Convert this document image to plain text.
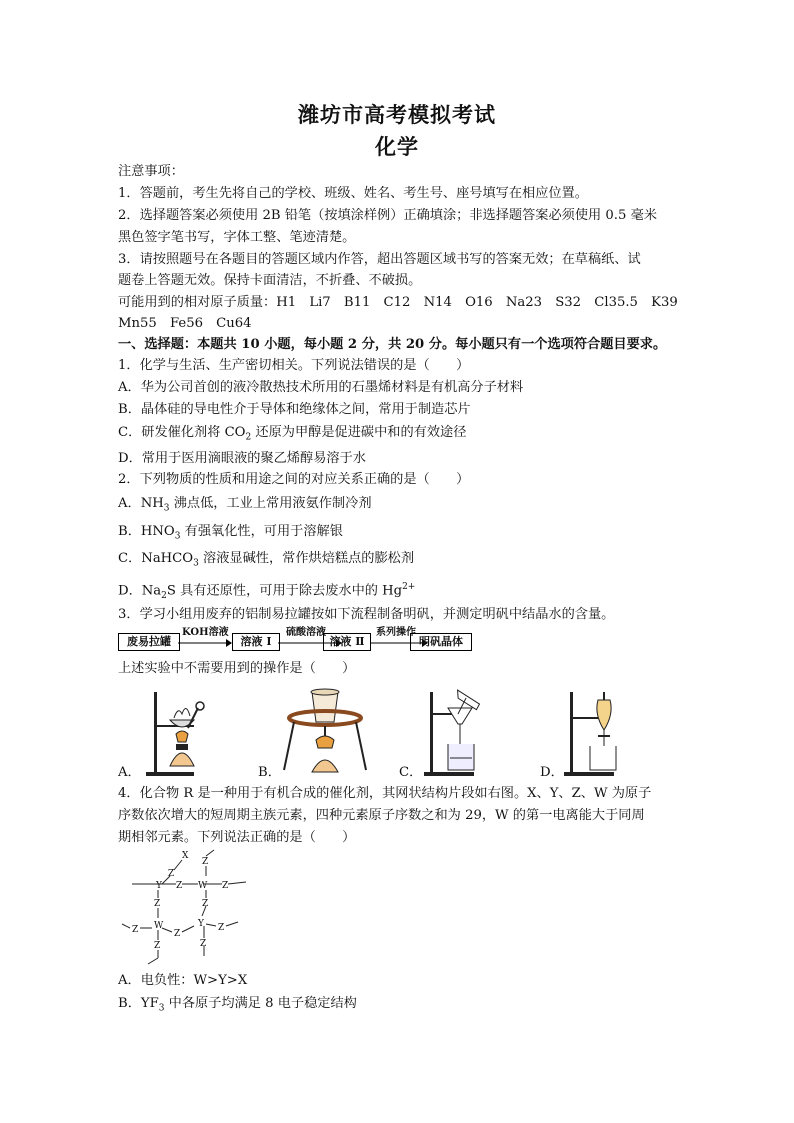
潍坊市高考模拟考试
化学
注意事项：
1．答题前，考生先将自己的学校、班级、姓名、考生号、座号填写在相应位置。
2．选择题答案必须使用 2B 铅笔（按填涂样例）正确填涂；非选择题答案必须使用 0.5 毫米
黑色签字笔书写，字体工整、笔迹清楚。
3．请按照题号在各题目的答题区域内作答，超出答题区域书写的答案无效；在草稿纸、试
题卷上答题无效。保持卡面清洁，不折叠、不破损。
可能用到的相对原子质量：H1　Li7　B11　C12　N14　O16　Na23　S32　Cl35.5　K39
Mn55　Fe56　Cu64
一、选择题：本题共 10 小题，每小题 2 分，共 20 分。每小题只有一个选项符合题目要求。
1．化学与生活、生产密切相关。下列说法错误的是（　　）
A．华为公司首创的液冷散热技术所用的石墨烯材料是有机高分子材料
B．晶体硅的导电性介于导体和绝缘体之间，常用于制造芯片
C．研发催化剂将 $CO_2$ 还原为甲醇是促进碳中和的有效途径
D．常用于医用滴眼液的聚乙烯醇易溶于水
2．下列物质的性质和用途之间的对应关系正确的是（　　）
A．$NH_3$ 沸点低，工业上常用液氨作制冷剂
B．$HNO_3$ 有强氧化性，可用于溶解银
C．NaHCO$_3$ 溶液显碱性，常作烘焙糕点的膨松剂
D．$Na_2S$ 具有还原性，可用于除去废水中的 $Hg^{2+}$
3．学习小组用废弃的铝制易拉罐按如下流程制备明矾，并测定明矾中结晶水的含量。
废易拉罐
KOH溶液
溶液 Ⅰ
硫酸溶液
溶液 Ⅱ
系列操作
明矾晶体
上述实验中不需要用到的操作是（　　）
A．	B．	C．	D．
4．化合物 R 是一种用于有机合成的催化剂，其网状结构片段如右图。X、Y、Z、W 为原子
序数依次增大的短周期主族元素，四种元素原子序数之和为 29，W 的第一电离能大于同周
期相邻元素。下列说法正确的是（　　）
X
Z
Y Z W Z
Z
Z
Z
W
Z	Z
Y Z
Z
Z
A．电负性：W>Y>X
B．$YF_3$ 中各原子均满足 8 电子稳定结构
